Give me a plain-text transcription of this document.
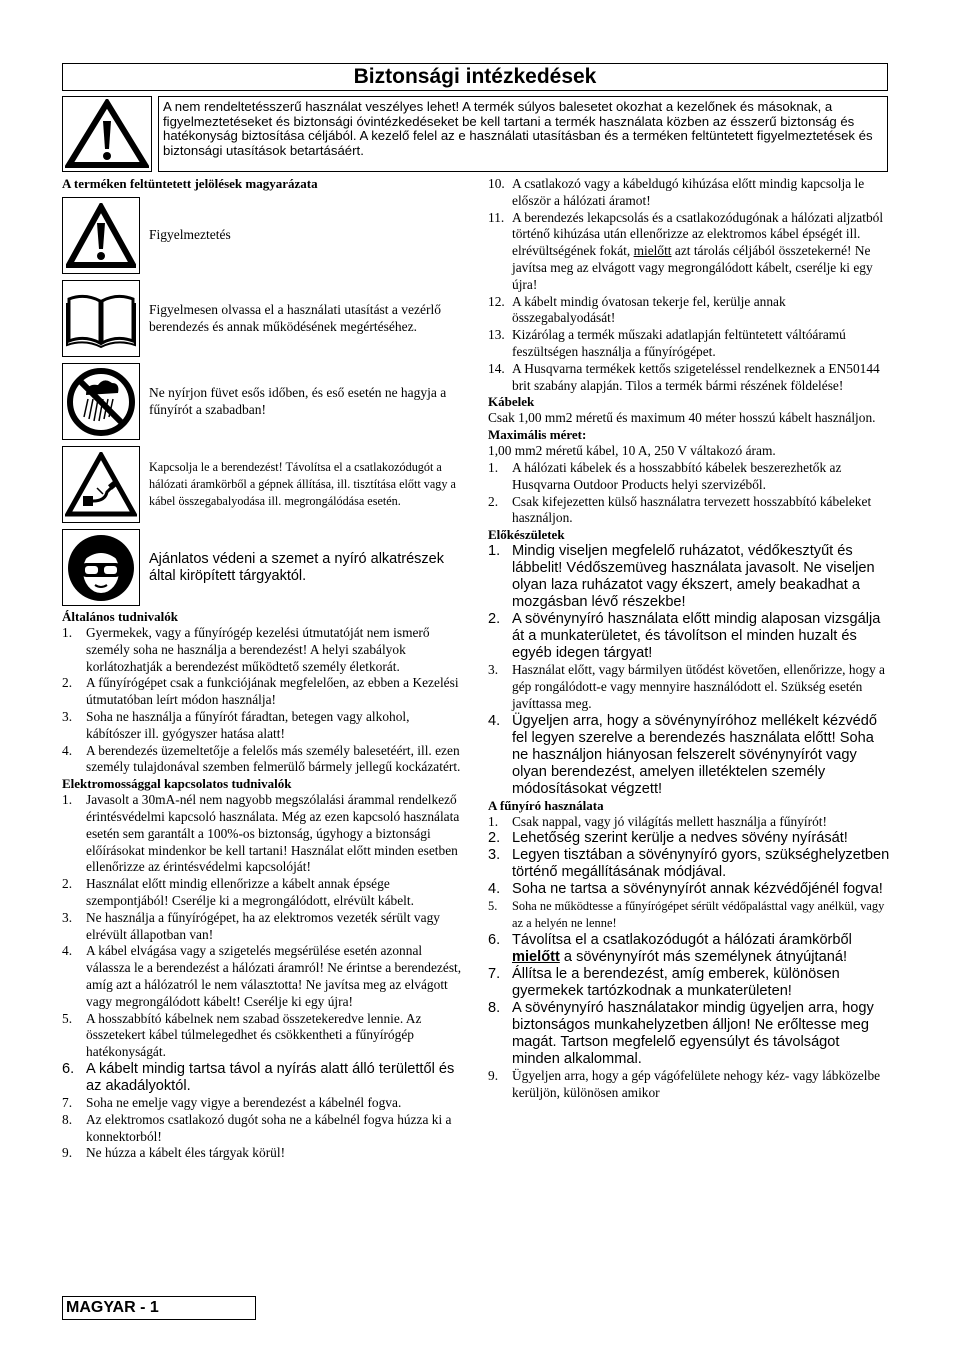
Biztonsági intézkedések
A nem rendeltetésszerű használat veszélyes lehet! A termék súlyos balesetet okozhat a kezelőnek és másoknak, a figyelmeztetéseket és biztonsági óvintézkedéseket be kell tartani a termék használata közben az ésszerű biztonság és hatékonyság biztosítása céljából. A kezelő felel az e használati utasításban és a terméken feltüntetett figyelmeztetések és biztonsági utasítások betartásáért.
A terméken feltüntetett jelölések magyarázata
Figyelmeztetés
Figyelmesen olvassa el a használati utasítást a vezérlő berendezés és annak működésének megértéséhez.
Ne nyírjon füvet esős időben, és eső esetén ne hagyja a fűnyírót a szabadban!
Kapcsolja le a berendezést! Távolítsa el a csatlakozódugót a hálózati áramkörből a gépnek állítása, ill. tisztítása előtt vagy a kábel összegabalyodása ill. megrongálódása esetén.
Ajánlatos védeni a szemet a nyíró alkatrészek által kiröpített tárgyaktól.
Általános tudnivalók
1.	Gyermekek, vagy a fűnyírógép kezelési útmutatóját nem ismerő személy soha ne használja a berendezést! A helyi szabályok korlátozhatják a berendezést működtető személy életkorát.
2.	A fűnyírógépet csak a funkciójának megfelelően, az ebben a Kezelési útmutatóban leírt módon használja!
3.	Soha ne használja a fűnyírót fáradtan, betegen vagy alkohol, kábítószer ill. gyógyszer hatása alatt!
4.	A berendezés üzemeltetője a felelős más személy balesetéért, ill. ezen személy tulajdonával szemben felmerülő bármely jellegű kockázatért.
Elektromossággal kapcsolatos tudnivalók
1.	Javasolt a 30mA-nél nem nagyobb megszólalási árammal rendelkező érintésvédelmi kapcsoló használata. Még az ezen kapcsoló használata esetén sem garantált a 100%-os biztonság, úgyhogy a biztonsági előírásokat mindenkor be kell tartani! Használat előtt minden esetben ellenőrizze az érintésvédelmi kapcsolóját!
2.	Használat előtt mindig ellenőrizze a kábelt annak épsége szempontjából! Cserélje ki a megrongálódott, elrévült kábelt.
3.	Ne használja a fűnyírógépet, ha az elektromos vezeték sérült vagy elrévült állapotban van!
4.	A kábel elvágása vagy a szigetelés megsérülése esetén azonnal válassza le a berendezést a hálózati áramról! Ne érintse a berendezést, amíg azt a hálózatról le nem választotta! Ne javítsa meg az elvágott vagy megrongálódott kábelt! Cserélje ki egy újra!
5.	A hosszabbító kábelnek nem szabad összetekeredve lennie. Az összetekert kábel túlmelegedhet és csökkentheti a fűnyírógép hatékonyságát.
6. A kábelt mindig tartsa távol a nyírás alatt álló területtől és az akadályoktól.
7.	Soha ne emelje vagy vigye a berendezést a kábelnél fogva.
8.	Az elektromos csatlakozó dugót soha ne a kábelnél fogva húzza ki a konnektorból!
9.	Ne húzza a kábelt éles tárgyak körül!
10. A csatlakozó vagy a kábeldugó kihúzása előtt mindig kapcsolja le először a hálózati áramot!
11. A berendezés lekapcsolás és a csatlakozódugónak a hálózati aljzatból történő kihúzása után ellenőrizze az elektromos kábel épségét ill. elrévültségének fokát, mielőtt azt tárolás céljából összetekerné! Ne javítsa meg az elvágott vagy megrongálódott kábelt, cserélje ki egy újra!
12. A kábelt mindig óvatosan tekerje fel, kerülje annak összegabalyodását!
13. Kizárólag a termék műszaki adatlapján feltüntetett váltóáramú feszültségen használja a fűnyírógépet.
14. A Husqvarna termékek kettős szigeteléssel rendelkeznek a EN50144 brit szabány alapján. Tilos a termék bármi részének földelése!
Kábelek
Csak 1,00 mm2 méretű és maximum 40 méter hosszú kábelt használjon.
Maximális méret:
1,00 mm2 méretű kábel, 10 A, 250 V váltakozó áram.
1.	A hálózati kábelek és a hosszabbító kábelek beszerezhetők az Husqvarna Outdoor Products helyi szervizéből.
2.	Csak kifejezetten külső használatra tervezett hosszabbító kábeleket használjon.
Előkészületek
1. Mindig viseljen megfelelő ruházatot, védőkesztyűt és lábbelit! Védőszemüveg használata javasolt. Ne viseljen olyan laza ruházatot vagy ékszert, amely beakadhat a mozgásban lévő részekbe!
2. A sövénynyíró használata előtt mindig alaposan vizsgálja át a munkaterületet, és távolítson el minden huzalt és egyéb idegen tárgyat!
3.	Használat előtt, vagy bármilyen ütődést követően, ellenőrizze, hogy a gép rongálódott-e vagy mennyire használódott el. Szükség esetén javíttassa meg.
4. Ügyeljen arra, hogy a sövénynyíróhoz mellékelt kézvédő fel legyen szerelve a berendezés használata előtt! Soha ne használjon hiányosan felszerelt sövénynyírót vagy olyan berendezést, amelyen illetéktelen személy módosításokat végzett!
A fűnyíró használata
1.	Csak nappal, vagy jó világítás mellett használja a fűnyírót!
2. Lehetőség szerint kerülje a nedves sövény nyírását!
3. Legyen tisztában a sövénynyíró gyors, szükséghelyzetben történő megállításának módjával.
4. Soha ne tartsa a sövénynyírót annak kézvédőjénél fogva!
5.	Soha ne működtesse a fűnyírógépet sérült védőpalásttal vagy anélkül, vagy az a helyén ne lenne!
6. Távolítsa el a csatlakozódugót a hálózati áramkörből mielőtt a sövénynyírót más személynek átnyújtaná!
7. Állítsa le a berendezést, amíg emberek, különösen gyermekek tartózkodnak a munkaterületen!
8. A sövénynyíró használatakor mindig ügyeljen arra, hogy biztonságos munkahelyzetben álljon! Ne erőltesse meg magát. Tartson megfelelő egyensúlyt és távolságot minden alkalommal.
9.	Ügyeljen arra, hogy a gép vágófelülete nehogy kéz- vagy lábközelbe kerüljön, különösen amikor
MAGYAR - 1
